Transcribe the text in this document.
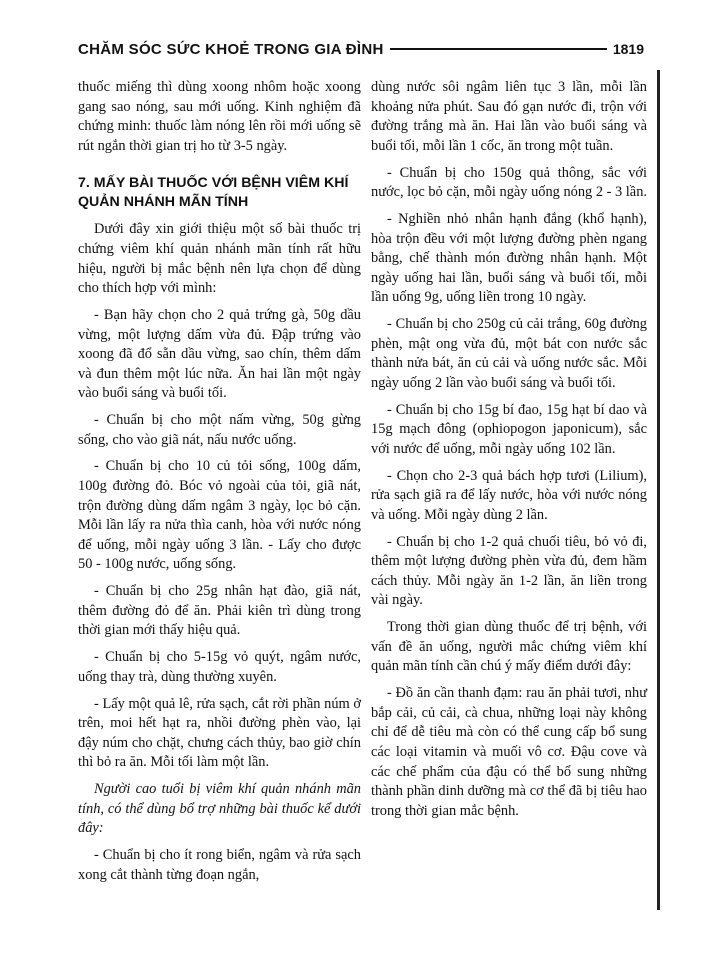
CHĂM SÓC SỨC KHOẺ TRONG GIA ĐÌNH	1819

thuốc miếng thì dùng xoong nhôm hoặc xoong gang sao nóng, sau mới uống. Kinh nghiệm đã chứng minh: thuốc làm nóng lên rồi mới uống sẽ rút ngắn thời gian trị ho từ 3-5 ngày.

7. MẤY BÀI THUỐC VỚI BỆNH VIÊM KHÍ QUẢN NHÁNH MÃN TÍNH

Dưới đây xin giới thiệu một số bài thuốc trị chứng viêm khí quản nhánh mãn tính rất hữu hiệu, người bị mắc bệnh nên lựa chọn để dùng cho thích hợp với mình:

- Bạn hãy chọn cho 2 quả trứng gà, 50g dầu vừng, một lượng dấm vừa đủ. Đập trứng vào xoong đã đổ sẵn dầu vừng, sao chín, thêm dấm và đun thêm một lúc nữa. Ăn hai lần một ngày vào buổi sáng và buổi tối.

- Chuẩn bị cho một nấm vừng, 50g gừng sống, cho vào giã nát, nấu nước uống.

- Chuẩn bị cho 10 củ tỏi sống, 100g dấm, 100g đường đỏ. Bóc vỏ ngoài của tỏi, giã nát, trộn đường dùng dấm ngâm 3 ngày, lọc bỏ cặn. Mỗi lần lấy ra nửa thìa canh, hòa với nước nóng để uống, mỗi ngày uống 3 lần. - Lấy cho được 50 - 100g nước, uống sống.

- Chuẩn bị cho 25g nhân hạt đào, giã nát, thêm đường đỏ để ăn. Phải kiên trì dùng trong thời gian mới thấy hiệu quả.

- Chuẩn bị cho 5-15g vỏ quýt, ngâm nước, uống thay trà, dùng thường xuyên.

- Lấy một quả lê, rửa sạch, cắt rời phần núm ở trên, moi hết hạt ra, nhồi đường phèn vào, lại đậy núm cho chặt, chưng cách thủy, bao giờ chín thì bỏ ra ăn. Mỗi tối làm một lần.

Người cao tuổi bị viêm khí quản nhánh mãn tính, có thể dùng bổ trợ những bài thuốc kể dưới đây:

- Chuẩn bị cho ít rong biển, ngâm và rửa sạch xong cắt thành từng đoạn ngắn,

dùng nước sôi ngâm liên tục 3 lần, mỗi lần khoảng nửa phút. Sau đó gạn nước đi, trộn với đường trắng mà ăn. Hai lần vào buổi sáng và buổi tối, mỗi lần 1 cốc, ăn trong một tuần.

- Chuẩn bị cho 150g quả thông, sắc với nước, lọc bỏ cặn, mỗi ngày uống nóng 2 - 3 lần.

- Nghiền nhỏ nhân hạnh đắng (khổ hạnh), hòa trộn đều với một lượng đường phèn ngang bằng, chế thành món đường nhân hạnh. Một ngày uống hai lần, buổi sáng và buổi tối, mỗi lần uống 9g, uống liền trong 10 ngày.

- Chuẩn bị cho 250g củ cải trắng, 60g đường phèn, mật ong vừa đủ, một bát con nước sắc thành nửa bát, ăn củ cải và uống nước sắc. Mỗi ngày uống 2 lần vào buổi sáng và buổi tối.

- Chuẩn bị cho 15g bí đao, 15g hạt bí dao và 15g mạch đông (ophiopogon japonicum), sắc với nước để uống, mỗi ngày uống 102 lần.

- Chọn cho 2-3 quả bách hợp tươi (Lilium), rửa sạch giã ra để lấy nước, hòa với nước nóng và uống. Mỗi ngày dùng 2 lần.

- Chuẩn bị cho 1-2 quả chuối tiêu, bỏ vỏ đi, thêm một lượng đường phèn vừa đủ, đem hầm cách thủy. Mỗi ngày ăn 1-2 lần, ăn liền trong vài ngày.

Trong thời gian dùng thuốc để trị bệnh, với vấn đề ăn uống, người mắc chứng viêm khí quản mãn tính cần chú ý mấy điểm dưới đây:

- Đồ ăn cần thanh đạm: rau ăn phải tươi, như bắp cải, củ cải, cà chua, những loại này không chỉ để dễ tiêu mà còn có thể cung cấp bổ sung các loại vitamin và muối vô cơ. Đậu cove và các chế phẩm của đậu có thể bổ sung những thành phần dinh dưỡng mà cơ thể đã bị tiêu hao trong thời gian mắc bệnh.
